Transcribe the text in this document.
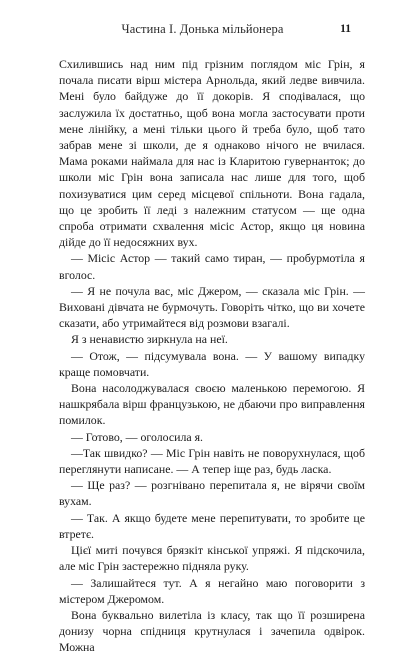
Частина I. Донька мільйонера	11

Схилившись над ним під грізним поглядом міс Грін, я почала писати вірш містера Арнольда, який ледве вивчила. Мені було байдуже до її докорів. Я сподівалася, що заслужила їх достатньо, щоб вона могла застосувати проти мене лінійку, а мені тільки цього й треба було, щоб тато забрав мене зі школи, де я однаково нічого не вчилася. Мама роками наймала для нас із Кларитою гувернанток; до школи міс Грін вона записала нас лише для того, щоб похизуватися цим серед місцевої спільноти. Вона гадала, що це зробить її леді з належним статусом — ще одна спроба отримати схвалення місіс Астор, якщо ця новина дійде до її недосяжних вух.

— Місіс Астор — такий само тиран, — пробурмотіла я вголос.

— Я не почула вас, міс Джером, — сказала міс Грін. — Виховані дівчата не бурмочуть. Говоріть чітко, що ви хочете сказати, або утримайтеся від розмови взагалі.

Я з ненавистю зиркнула на неї.

— Отож, — підсумувала вона. — У вашому випадку краще помовчати.

Вона насолоджувалася своєю маленькою перемогою. Я нашкрябала вірш французькою, не дбаючи про виправлення помилок.

— Готово, — оголосила я.

—Так швидко? — Міс Грін навіть не поворухнулася, щоб переглянути написане. — А тепер іще раз, будь ласка.

— Ще раз? — розгнівано перепитала я, не вірячи своїм вухам.

— Так. А якщо будете мене перепитувати, то зробите це втретє.

Цієї миті почувся брязкіт кінської упряжі. Я підскочила, але міс Грін застережно підняла руку.

— Залишайтеся тут. А я негайно маю поговорити з містером Джеромом.

Вона буквально вилетіла із класу, так що її розширена донизу чорна спідниця крутнулася і зачепила одвірок. Можна
